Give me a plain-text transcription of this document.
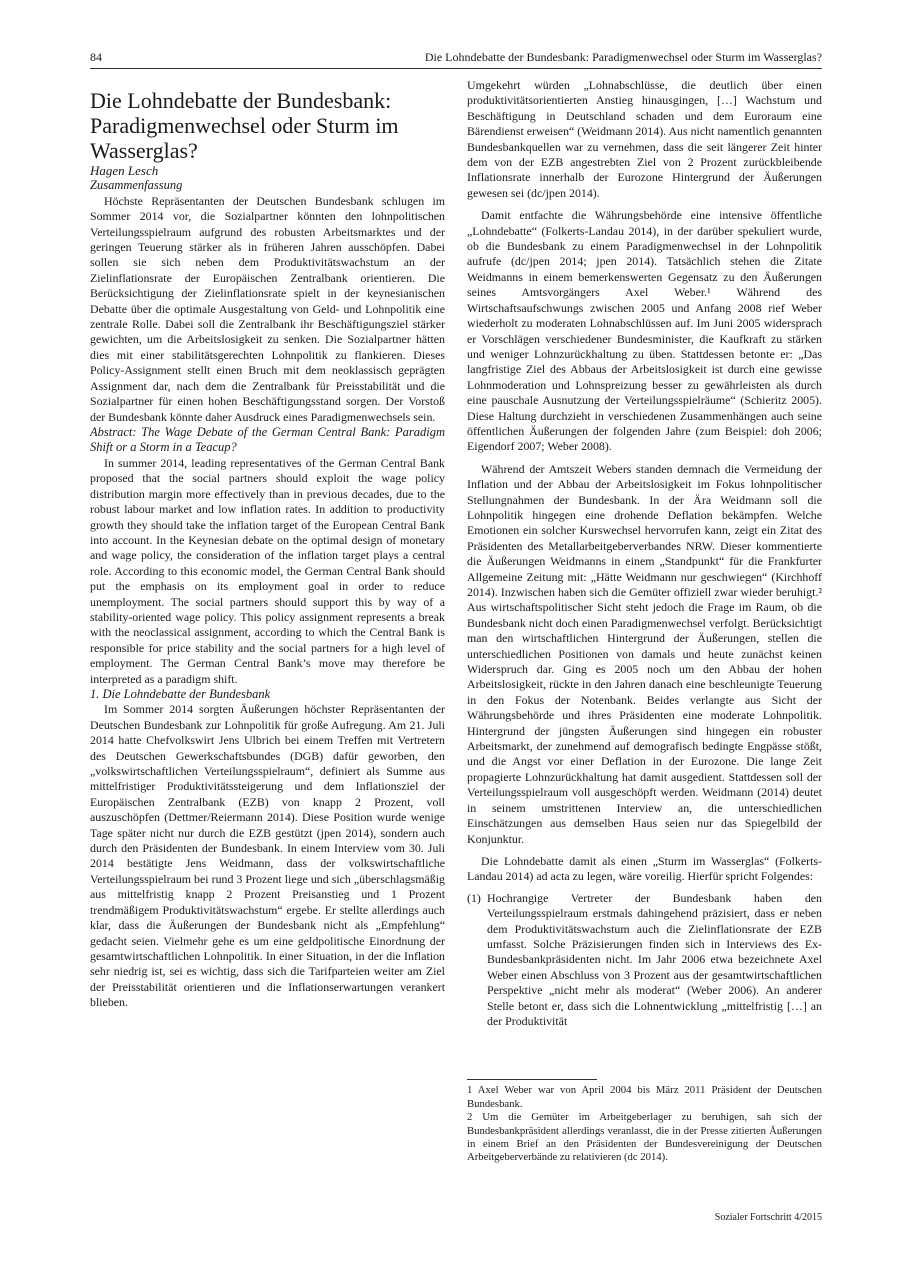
84	Die Lohndebatte der Bundesbank: Paradigmenwechsel oder Sturm im Wasserglas?
Die Lohndebatte der Bundesbank: Paradigmenwechsel oder Sturm im Wasserglas?

Hagen Lesch

Zusammenfassung

Höchste Repräsentanten der Deutschen Bundesbank schlugen im Sommer 2014 vor, die Sozialpartner könnten den lohnpolitischen Verteilungsspielraum aufgrund des robusten Arbeitsmarktes und der geringen Teuerung stärker als in früheren Jahren ausschöpfen. Dabei sollen sie sich neben dem Produktivitätswachstum an der Zielinflationsrate der Europäischen Zentralbank orientieren. Die Berücksichtigung der Zielinflationsrate spielt in der keynesianischen Debatte über die optimale Ausgestaltung von Geld- und Lohnpolitik eine zentrale Rolle. Dabei soll die Zentralbank ihr Beschäftigungsziel stärker gewichten, um die Arbeitslosigkeit zu senken. Die Sozialpartner hätten dies mit einer stabilitätsgerechten Lohnpolitik zu flankieren. Dieses Policy-Assignment stellt einen Bruch mit dem neoklassisch geprägten Assignment dar, nach dem die Zentralbank für Preisstabilität und die Sozialpartner für einen hohen Beschäftigungsstand sorgen. Der Vorstoß der Bundesbank könnte daher Ausdruck eines Paradigmenwechsels sein.

Abstract: The Wage Debate of the German Central Bank: Paradigm Shift or a Storm in a Teacup?

In summer 2014, leading representatives of the German Central Bank proposed that the social partners should exploit the wage policy distribution margin more effectively than in previous decades, due to the robust labour market and low inflation rates. In addition to productivity growth they should take the inflation target of the European Central Bank into account. In the Keynesian debate on the optimal design of monetary and wage policy, the consideration of the inflation target plays a central role. According to this economic model, the German Central Bank should put the emphasis on its employment goal in order to reduce unemployment. The social partners should support this by way of a stability-oriented wage policy. This policy assignment represents a break with the neoclassical assignment, according to which the Central Bank is responsible for price stability and the social partners for a high level of employment. The German Central Bank’s move may therefore be interpreted as a paradigm shift.

1. Die Lohndebatte der Bundesbank

Im Sommer 2014 sorgten Äußerungen höchster Repräsentanten der Deutschen Bundesbank zur Lohnpolitik für große Aufregung. Am 21. Juli 2014 hatte Chefvolkswirt Jens Ulbrich bei einem Treffen mit Vertretern des Deutschen Gewerkschaftsbundes (DGB) dafür geworben, den „volkswirtschaftlichen Verteilungsspielraum“, definiert als Summe aus mittelfristiger Produktivitätssteigerung und dem Inflationsziel der Europäischen Zentralbank (EZB) von knapp 2 Prozent, voll auszuschöpfen (Dettmer/Reiermann 2014). Diese Position wurde wenige Tage später nicht nur durch die EZB gestützt (jpen 2014), sondern auch durch den Präsidenten der Bundesbank. In einem Interview vom 30. Juli 2014 bestätigte Jens Weidmann, dass der volkswirtschaftliche Verteilungsspielraum bei rund 3 Prozent liege und sich „überschlagsmäßig aus mittelfristig knapp 2 Prozent Preisanstieg und 1 Prozent trendmäßigem Produktivitätswachstum“ ergebe. Er stellte allerdings auch klar, dass die Äußerungen der Bundesbank nicht als „Empfehlung“ gedacht seien. Vielmehr gehe es um eine geldpolitische Einordnung der gesamtwirtschaftlichen Lohnpolitik. In einer Situation, in der die Inflation sehr niedrig ist, sei es wichtig, dass sich die Tarifparteien weiter am Ziel der Preisstabilität orientieren und die Inflationserwartungen verankert blieben.

Umgekehrt würden „Lohnabschlüsse, die deutlich über einen produktivitätsorientierten Anstieg hinausgingen, […] Wachstum und Beschäftigung in Deutschland schaden und dem Euroraum eine Bärendienst erweisen“ (Weidmann 2014). Aus nicht namentlich genannten Bundesbankquellen war zu vernehmen, dass die seit längerer Zeit hinter dem von der EZB angestrebten Ziel von 2 Prozent zurückbleibende Inflationsrate innerhalb der Eurozone Hintergrund der Äußerungen gewesen sei (dc/jpen 2014).

Damit entfachte die Währungsbehörde eine intensive öffentliche „Lohndebatte“ (Folkerts-Landau 2014), in der darüber spekuliert wurde, ob die Bundesbank zu einem Paradigmenwechsel in der Lohnpolitik aufrufe (dc/jpen 2014; jpen 2014). Tatsächlich stehen die Zitate Weidmanns in einem bemerkenswerten Gegensatz zu den Äußerungen seines Amtsvorgängers Axel Weber.¹ Während des Wirtschaftsaufschwungs zwischen 2005 und Anfang 2008 rief Weber wiederholt zu moderaten Lohnabschlüssen auf. Im Juni 2005 widersprach er Vorschlägen verschiedener Bundesminister, die Kaufkraft zu stärken und weniger Lohnzurückhaltung zu üben. Stattdessen betonte er: „Das langfristige Ziel des Abbaus der Arbeitslosigkeit ist durch eine gewisse Lohnmoderation und Lohnspreizung besser zu gewährleisten als durch eine pauschale Ausnutzung der Verteilungsspielräume“ (Schieritz 2005). Diese Haltung durchzieht in verschiedenen Zusammenhängen auch seine öffentlichen Äußerungen der folgenden Jahre (zum Beispiel: doh 2006; Eigendorf 2007; Weber 2008).

Während der Amtszeit Webers standen demnach die Vermeidung der Inflation und der Abbau der Arbeitslosigkeit im Fokus lohnpolitischer Stellungnahmen der Bundesbank. In der Ära Weidmann soll die Lohnpolitik hingegen eine drohende Deflation bekämpfen. Welche Emotionen ein solcher Kurswechsel hervorrufen kann, zeigt ein Zitat des Präsidenten des Metallarbeitgeberverbandes NRW. Dieser kommentierte die Äußerungen Weidmanns in einem „Standpunkt“ für die Frankfurter Allgemeine Zeitung mit: „Hätte Weidmann nur geschwiegen“ (Kirchhoff 2014). Inzwischen haben sich die Gemüter offiziell zwar wieder beruhigt.² Aus wirtschaftspolitischer Sicht steht jedoch die Frage im Raum, ob die Bundesbank nicht doch einen Paradigmenwechsel verfolgt. Berücksichtigt man den wirtschaftlichen Hintergrund der Äußerungen, stellen die unterschiedlichen Positionen von damals und heute zunächst keinen Widerspruch dar. Ging es 2005 noch um den Abbau der hohen Arbeitslosigkeit, rückte in den Jahren danach eine beschleunigte Teuerung in den Fokus der Notenbank. Beides verlangte aus Sicht der Währungsbehörde und ihres Präsidenten eine moderate Lohnpolitik. Hintergrund der jüngsten Äußerungen sind hingegen ein robuster Arbeitsmarkt, der zunehmend auf demografisch bedingte Engpässe stößt, und die Angst vor einer Deflation in der Eurozone. Die lange Zeit propagierte Lohnzurückhaltung hat damit ausgedient. Stattdessen soll der Verteilungsspielraum voll ausgeschöpft werden. Weidmann (2014) deutet in seinem umstrittenen Interview an, die unterschiedlichen Einschätzungen aus demselben Haus seien nur das Spiegelbild der Konjunktur.

Die Lohndebatte damit als einen „Sturm im Wasserglas“ (Folkerts-Landau 2014) ad acta zu legen, wäre voreilig. Hierfür spricht Folgendes:

(1) Hochrangige Vertreter der Bundesbank haben den Verteilungsspielraum erstmals dahingehend präzisiert, dass er neben dem Produktivitätswachstum auch die Zielinflationsrate der EZB umfasst. Solche Präzisierungen finden sich in Interviews des Ex-Bundesbankpräsidenten nicht. Im Jahr 2006 etwa bezeichnete Axel Weber einen Abschluss von 3 Prozent aus der gesamtwirtschaftlichen Perspektive „nicht mehr als moderat“ (Weber 2006). An anderer Stelle betont er, dass sich die Lohnentwicklung „mittelfristig […] an der Produktivität

1 Axel Weber war von April 2004 bis März 2011 Präsident der Deutschen Bundesbank.

2 Um die Gemüter im Arbeitgeberlager zu beruhigen, sah sich der Bundesbankpräsident allerdings veranlasst, die in der Presse zitierten Äußerungen in einem Brief an den Präsidenten der Bundesvereinigung der Deutschen Arbeitgeberverbände zu relativieren (dc 2014).

Sozialer Fortschritt 4/2015
